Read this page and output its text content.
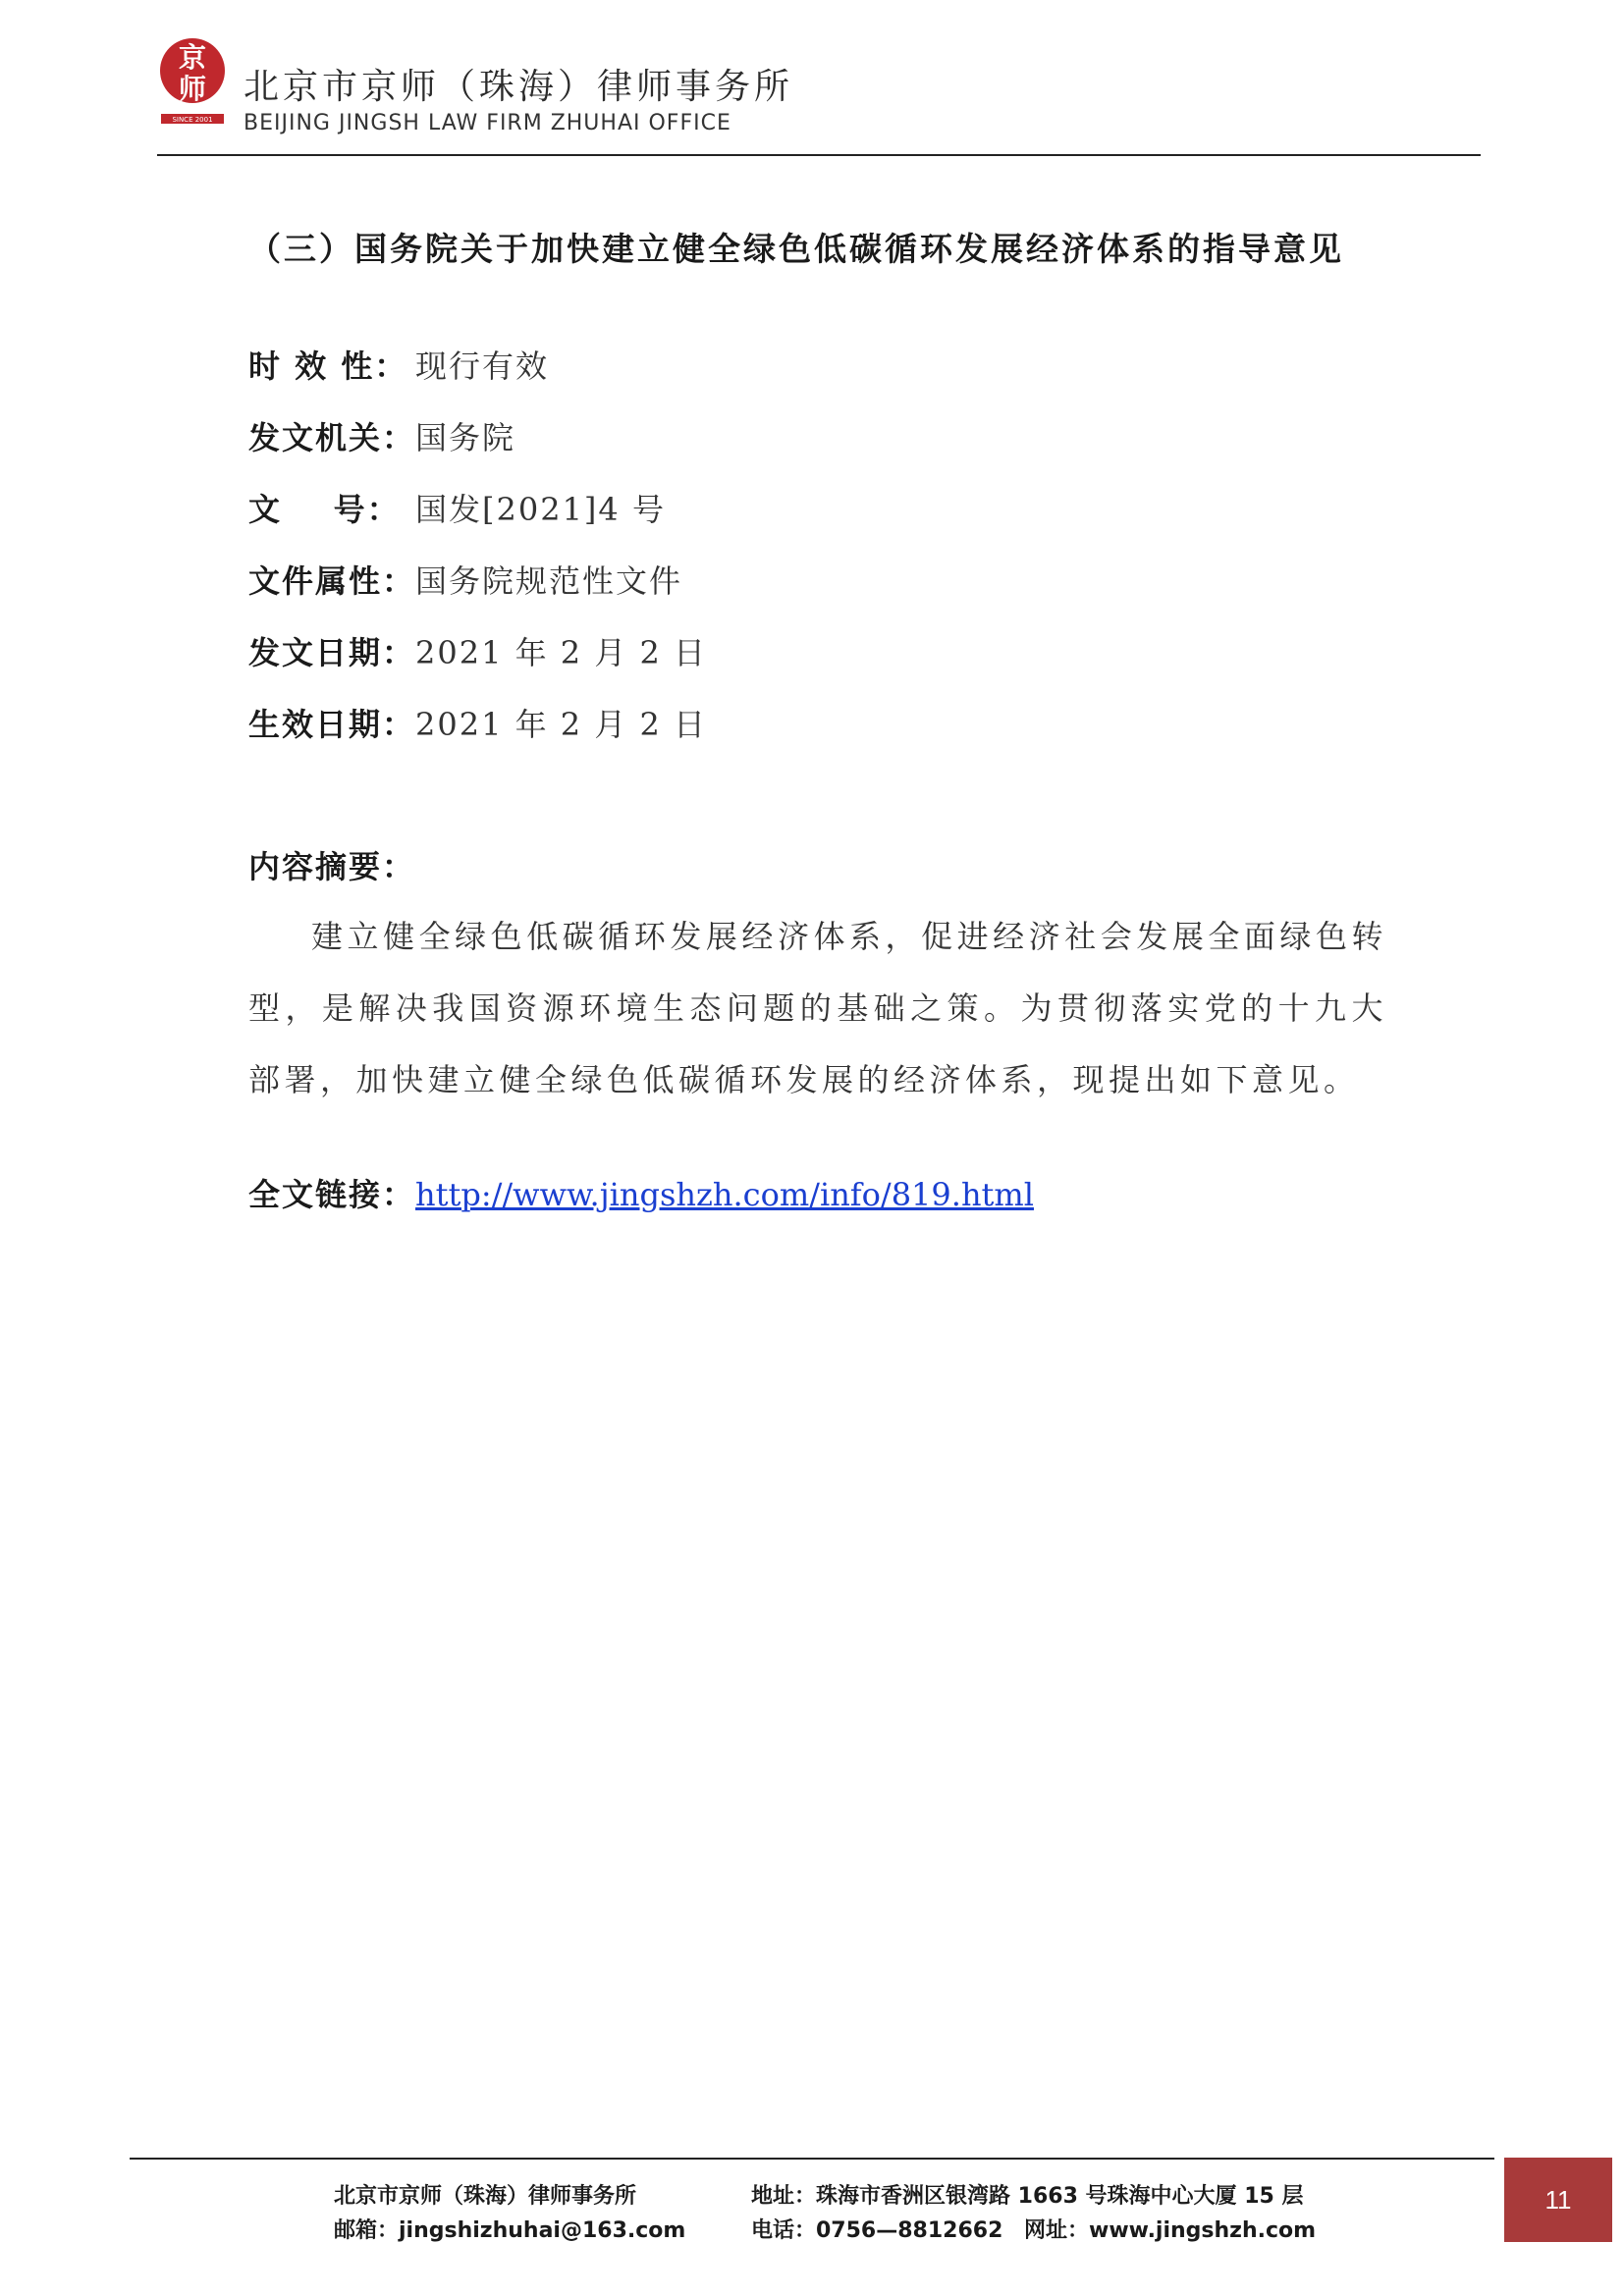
京
师
SINCE 2001
北京市京师（珠海）律师事务所
BEIJING JINGSH LAW FIRM ZHUHAI OFFICE
（三）国务院关于加快建立健全绿色低碳循环发展经济体系的指导意见
时 效 性： 现行有效
发文机关：国务院
文    号： 国发[2021]4 号
文件属性：国务院规范性文件
发文日期：2021 年 2 月 2 日
生效日期：2021 年 2 月 2 日
内容摘要：
建立健全绿色低碳循环发展经济体系，促进经济社会发展全面绿色转型，是解决我国资源环境生态问题的基础之策。为贯彻落实党的十九大部署，加快建立健全绿色低碳循环发展的经济体系，现提出如下意见。
全文链接：http://www.jingshzh.com/info/819.html
北京市京师（珠海）律师事务所
邮箱：jingshizhuhai@163.com
地址：珠海市香洲区银湾路 1663 号珠海中心大厦 15 层
电话：0756—8812662 网址：www.jingshzh.com
11
